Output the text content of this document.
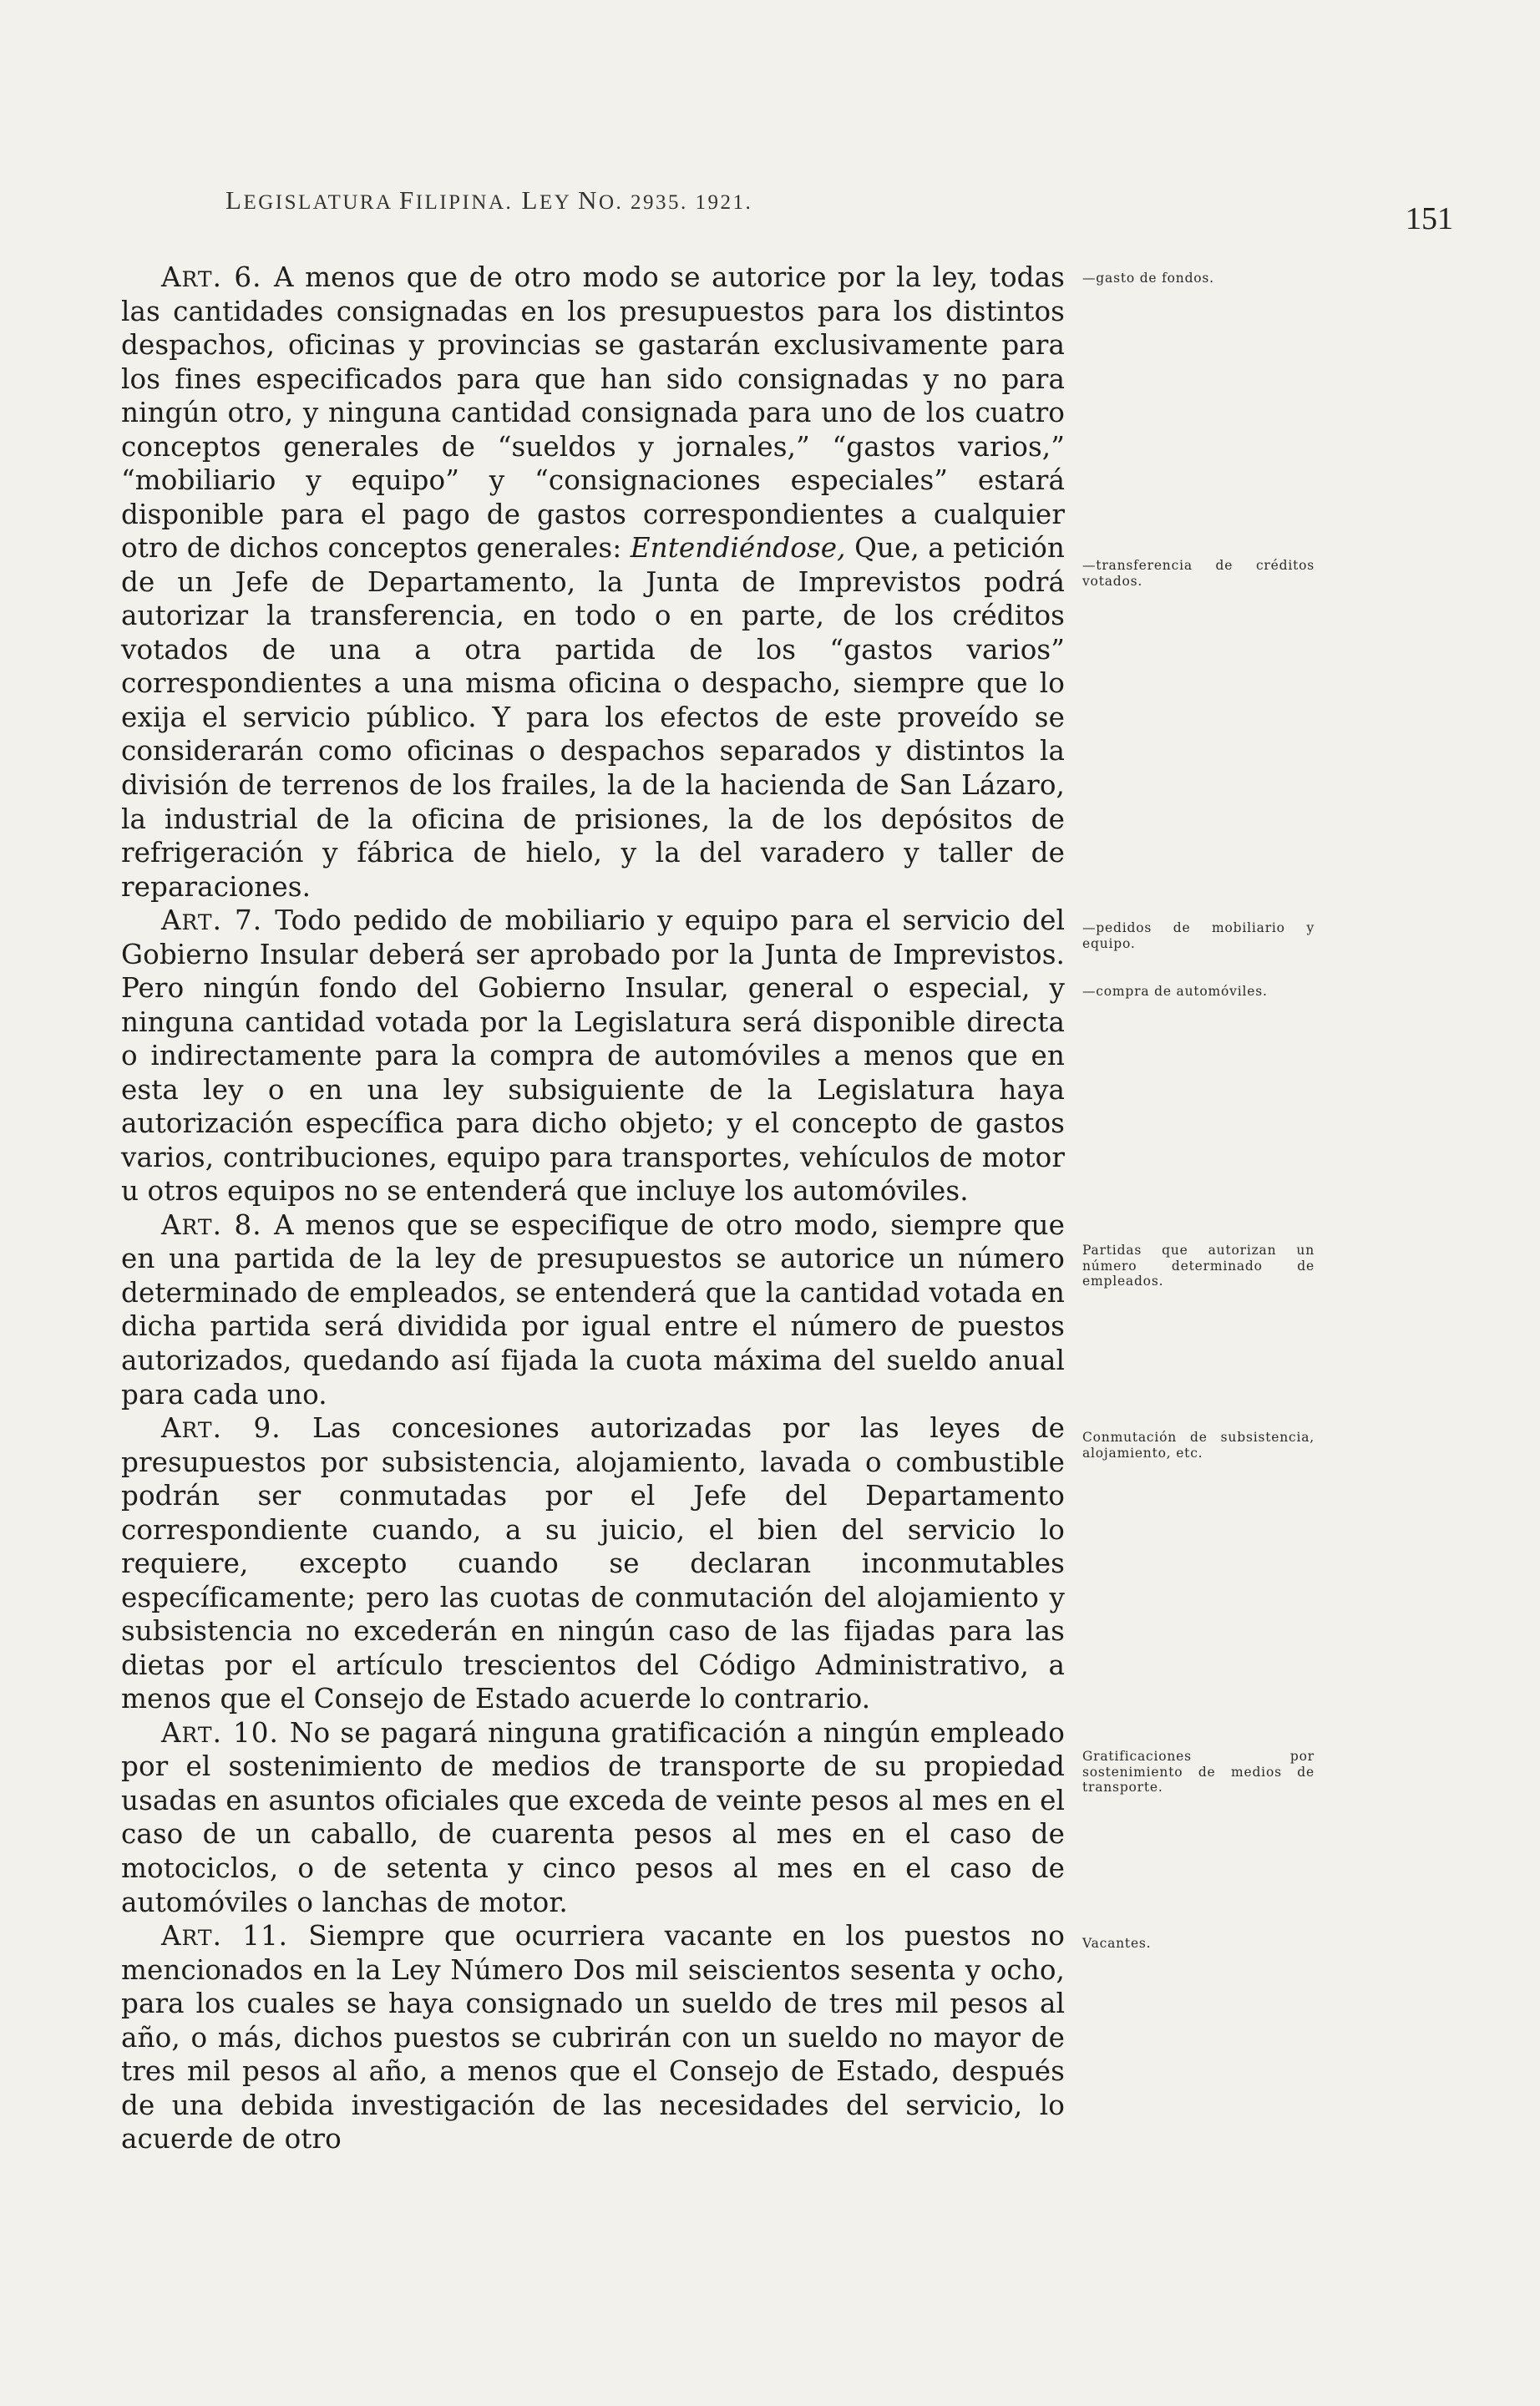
LEGISLATURA FILIPINA. LEY NO. 2935. 1921.	151

ART. 6. A menos que de otro modo se autorice por la ley, todas las cantidades consignadas en los presupuestos para los distintos despachos, oficinas y provincias se gastarán exclusivamente para los fines especificados para que han sido consignadas y no para ningún otro, y ninguna cantidad consignada para uno de los cuatro conceptos generales de “sueldos y jornales,” “gastos varios,” “mobiliario y equipo” y “consignaciones especiales” estará disponible para el pago de gastos correspondientes a cualquier otro de dichos conceptos generales: Entendiéndose, Que, a petición de un Jefe de Departamento, la Junta de Imprevistos podrá autorizar la transferencia, en todo o en parte, de los créditos votados de una a otra partida de los “gastos varios” correspondientes a una misma oficina o despacho, siempre que lo exija el servicio público. Y para los efectos de este proveído se considerarán como oficinas o despachos separados y distintos la división de terrenos de los frailes, la de la hacienda de San Lázaro, la industrial de la oficina de prisiones, la de los depósitos de refrigeración y fábrica de hielo, y la del varadero y taller de reparaciones.

ART. 7. Todo pedido de mobiliario y equipo para el servicio del Gobierno Insular deberá ser aprobado por la Junta de Imprevistos. Pero ningún fondo del Gobierno Insular, general o especial, y ninguna cantidad votada por la Legislatura será disponible directa o indirectamente para la compra de automóviles a menos que en esta ley o en una ley subsiguiente de la Legislatura haya autorización específica para dicho objeto; y el concepto de gastos varios, contribuciones, equipo para transportes, vehículos de motor u otros equipos no se entenderá que incluye los automóviles.

ART. 8. A menos que se especifique de otro modo, siempre que en una partida de la ley de presupuestos se autorice un número determinado de empleados, se entenderá que la cantidad votada en dicha partida será dividida por igual entre el número de puestos autorizados, quedando así fijada la cuota máxima del sueldo anual para cada uno.

ART. 9. Las concesiones autorizadas por las leyes de presupuestos por subsistencia, alojamiento, lavada o combustible podrán ser conmutadas por el Jefe del Departamento correspondiente cuando, a su juicio, el bien del servicio lo requiere, excepto cuando se declaran inconmutables específicamente; pero las cuotas de conmutación del alojamiento y subsistencia no excederán en ningún caso de las fijadas para las dietas por el artículo trescientos del Código Administrativo, a menos que el Consejo de Estado acuerde lo contrario.

ART. 10. No se pagará ninguna gratificación a ningún empleado por el sostenimiento de medios de transporte de su propiedad usadas en asuntos oficiales que exceda de veinte pesos al mes en el caso de un caballo, de cuarenta pesos al mes en el caso de motociclos, o de setenta y cinco pesos al mes en el caso de automóviles o lanchas de motor.

ART. 11. Siempre que ocurriera vacante en los puestos no mencionados en la Ley Número Dos mil seiscientos sesenta y ocho, para los cuales se haya consignado un sueldo de tres mil pesos al año, o más, dichos puestos se cubrirán con un sueldo no mayor de tres mil pesos al año, a menos que el Consejo de Estado, después de una debida investigación de las necesidades del servicio, lo acuerde de otro

—gasto de fondos.
—transferencia de créditos votados.
—pedidos de mobiliario y equipo.
—compra de automóviles.
Partidas que autorizan un número determinado de empleados.
Conmutación de subsistencia, alojamiento, etc.
Gratificaciones por sostenimiento de medios de transporte.
Vacantes.
